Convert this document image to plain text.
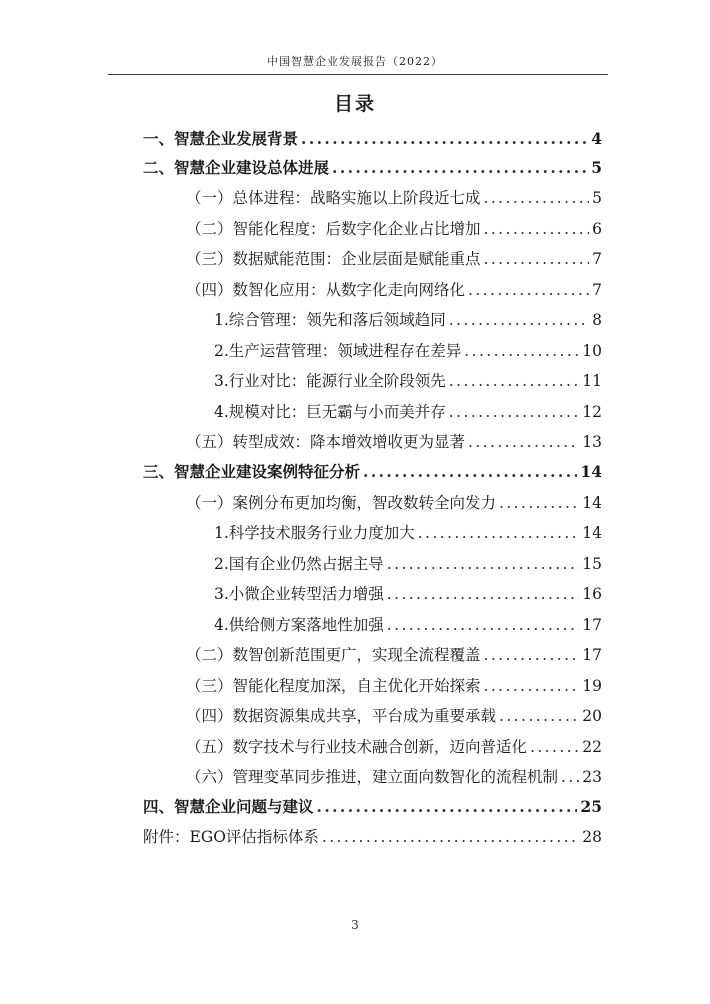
中国智慧企业发展报告（2022）
目录
一、 智慧企业发展背景 .....	4
二、 智慧企业建设总体进展 .....	5
（一）总体进程：战略实施以上阶段近七成 .....	5
（二）智能化程度：后数字化企业占比增加 .....	6
（三）数据赋能范围：企业层面是赋能重点 .....	7
（四）数智化应用：从数字化走向网络化 .....	7
1.综合管理：领先和落后领域趋同 .....	8
2.生产运营管理：领域进程存在差异 .....	10
3.行业对比：能源行业全阶段领先 .....	11
4.规模对比：巨无霸与小而美并存 .....	12
（五）转型成效：降本增效增收更为显著 .....	13
三、 智慧企业建设案例特征分析 .....	14
（一）案例分布更加均衡，智改数转全向发力 .....	14
1.科学技术服务行业力度加大 .....	14
2.国有企业仍然占据主导 .....	15
3.小微企业转型活力增强 .....	16
4.供给侧方案落地性加强 .....	17
（二）数智创新范围更广，实现全流程覆盖 .....	17
（三）智能化程度加深，自主优化开始探索 .....	19
（四）数据资源集成共享，平台成为重要承载 .....	20
（五）数字技术与行业技术融合创新，迈向普适化 .....	22
（六）管理变革同步推进，建立面向数智化的流程机制 ..... 23
四、 智慧企业问题与建议 .....	25
附件：EGO评估指标体系 .....	28
3
